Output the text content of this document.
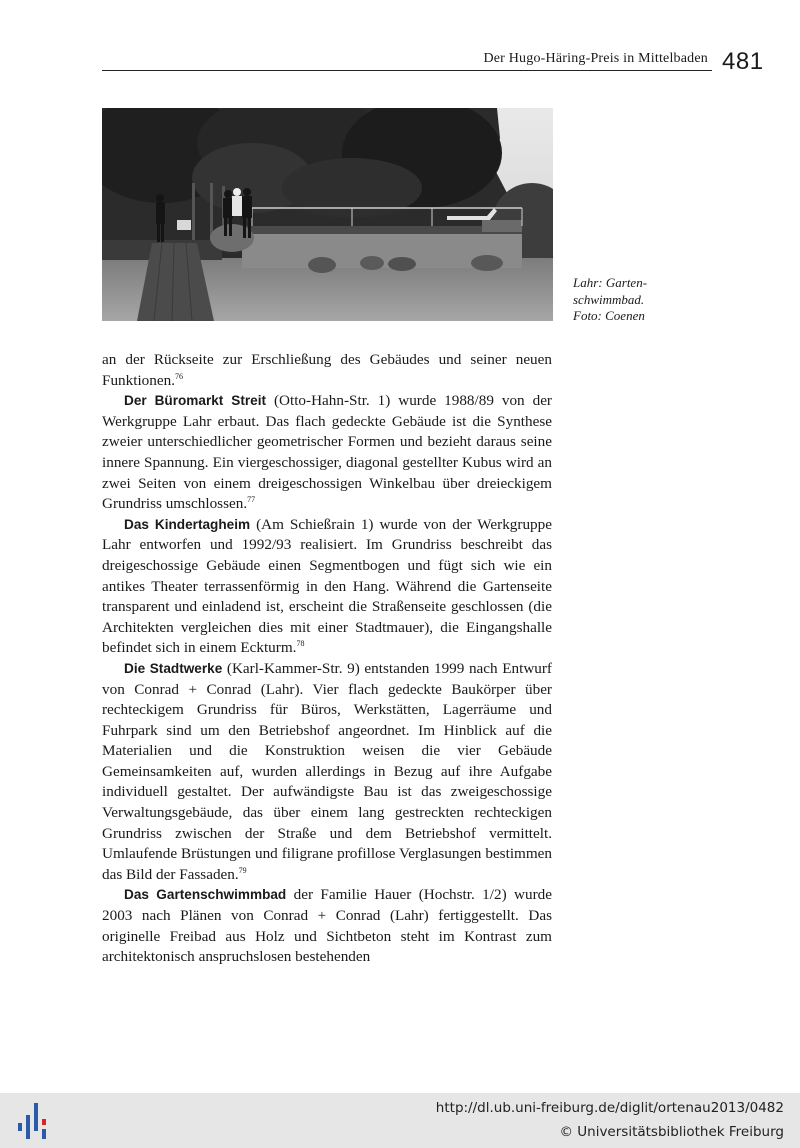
Der Hugo-Häring-Preis in Mittelbaden 481
Lahr: Garten-
schwimmbad.
Foto: Coenen

an der Rückseite zur Erschließung des Gebäudes und seiner neuen Funktionen.$^{76}$

Der Büromarkt Streit (Otto-Hahn-Str. 1) wurde 1988/89 von der Werkgruppe Lahr erbaut. Das flach gedeckte Gebäude ist die Synthese zweier unterschiedlicher geometrischer Formen und bezieht daraus seine innere Spannung. Ein viergeschossiger, diagonal gestellter Kubus wird an zwei Seiten von einem dreigeschossigen Winkelbau über dreieckigem Grundriss umschlossen.$^{77}$

Das Kindertagheim (Am Schießrain 1) wurde von der Werkgruppe Lahr entworfen und 1992/93 realisiert. Im Grundriss beschreibt das dreigeschossige Gebäude einen Segmentbogen und fügt sich wie ein antikes Theater terrassenförmig in den Hang. Während die Gartenseite transparent und einladend ist, erscheint die Straßenseite geschlossen (die Architekten vergleichen dies mit einer Stadtmauer), die Eingangshalle befindet sich in einem Eckturm.$^{78}$

Die Stadtwerke (Karl-Kammer-Str. 9) entstanden 1999 nach Entwurf von Conrad + Conrad (Lahr). Vier flach gedeckte Baukörper über rechteckigem Grundriss für Büros, Werkstätten, Lagerräume und Fuhrpark sind um den Betriebshof angeordnet. Im Hinblick auf die Materialien und die Konstruktion weisen die vier Gebäude Gemeinsamkeiten auf, wurden allerdings in Bezug auf ihre Aufgabe individuell gestaltet. Der aufwändigste Bau ist das zweigeschossige Verwaltungsgebäude, das über einem lang gestreckten rechteckigen Grundriss zwischen der Straße und dem Betriebshof vermittelt. Umlaufende Brüstungen und filigrane profillose Verglasungen bestimmen das Bild der Fassaden.$^{79}$

Das Gartenschwimmbad der Familie Hauer (Hochstr. 1/2) wurde 2003 nach Plänen von Conrad + Conrad (Lahr) fertiggestellt. Das originelle Freibad aus Holz und Sichtbeton steht im Kontrast zum architektonisch anspruchslosen bestehenden

http://dl.ub.uni-freiburg.de/diglit/ortenau2013/0482
© Universitätsbibliothek Freiburg
